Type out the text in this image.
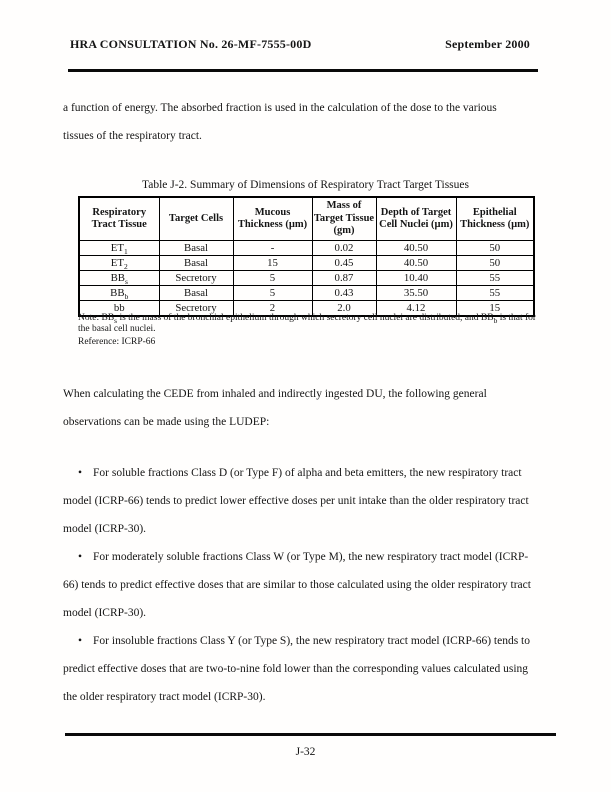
HRA CONSULTATION No. 26-MF-7555-00D	September 2000
a function of energy. The absorbed fraction is used in the calculation of the dose to the various tissues of the respiratory tract.
Table J-2. Summary of Dimensions of Respiratory Tract Target Tissues
Respiratory Tract Tissue	Target Cells	Mucous Thickness (µm)	Mass of Target Tissue (gm)	Depth of Target Cell Nuclei (µm)	Epithelial Thickness (µm)
$ET_1$	Basal	-	0.02	40.50	50
$ET_2$	Basal	15	0.45	40.50	50
$BB_s$	Secretory	5	0.87	10.40	55
$BB_b$	Basal	5	0.43	35.50	55
bb	Secretory	2	2.0	4.12	15
Note: $BB_s$ is the mass of the bronchial epithelium through which secretory cell nuclei are distributed, and $BB_b$ is that for the basal cell nuclei.
Reference: ICRP-66
When calculating the CEDE from inhaled and indirectly ingested DU, the following general observations can be made using the LUDEP:
• For soluble fractions Class D (or Type F) of alpha and beta emitters, the new respiratory tract model (ICRP-66) tends to predict lower effective doses per unit intake than the older respiratory tract model (ICRP-30).
• For moderately soluble fractions Class W (or Type M), the new respiratory tract model (ICRP-66) tends to predict effective doses that are similar to those calculated using the older respiratory tract model (ICRP-30).
• For insoluble fractions Class Y (or Type S), the new respiratory tract model (ICRP-66) tends to predict effective doses that are two-to-nine fold lower than the corresponding values calculated using the older respiratory tract model (ICRP-30).
J-32
